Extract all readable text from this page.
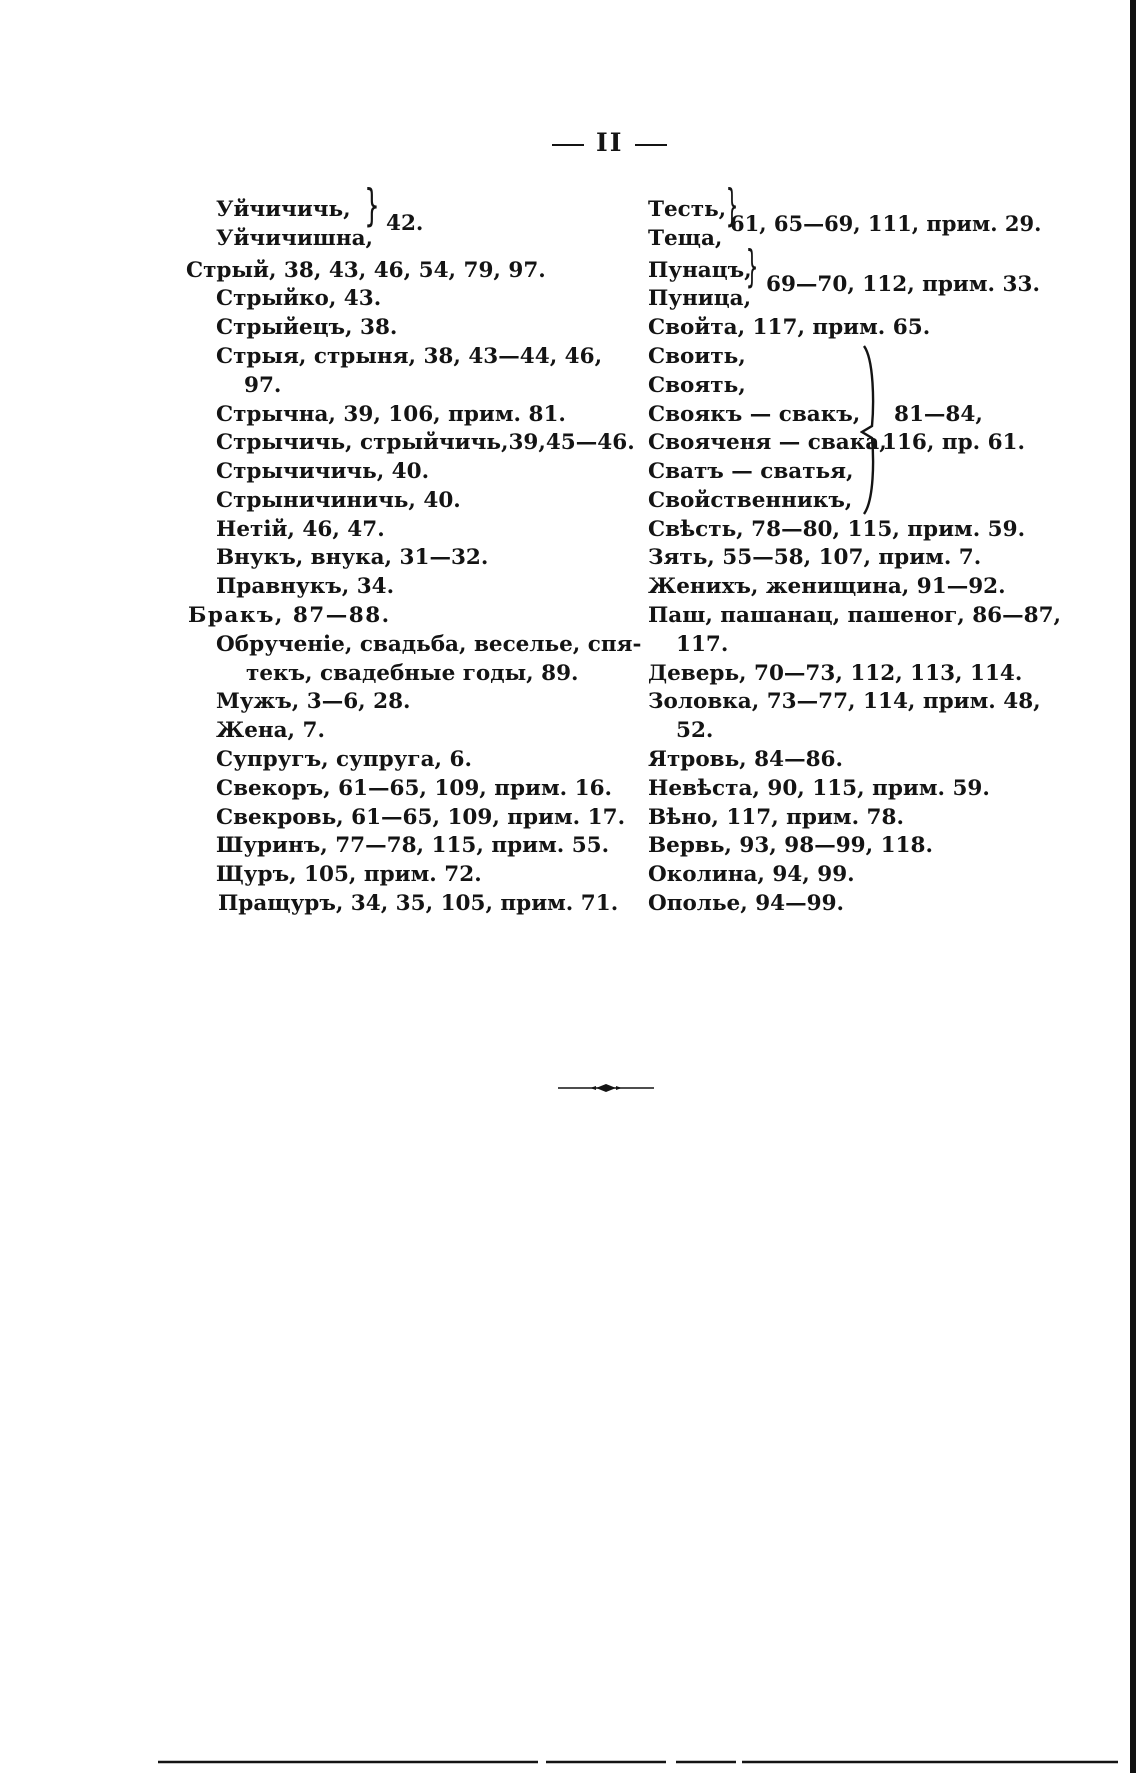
II
Уйчичичь,
Уйчичишна,
} 42.
Стрый, 38, 43, 46, 54, 79, 97.
Стрыйко, 43.
Стрыйецъ, 38.
Стрыя, стрыня, 38, 43—44, 46,
97.
Стрычна, 39, 106, прим. 81.
Стрычичь, стрыйчичь,39,45—46.
Стрычичичь, 40.
Стрыничиничь, 40.
Нетій, 46, 47.
Внукъ, внука, 31—32.
Правнукъ, 34.
Бракъ, 87—88.
Обрученіе, свадьба, веселье, спя-
текъ, свадебные годы, 89.
Мужъ, 3—6, 28.
Жена, 7.
Супругъ, супруга, 6.
Свекоръ, 61—65, 109, прим. 16.
Свекровь, 61—65, 109, прим. 17.
Шуринъ, 77—78, 115, прим. 55.
Щуръ, 105, прим. 72.
Пращуръ, 34, 35, 105, прим. 71.
Тесть,
Теща,
}
61, 65—69, 111, прим. 29.
Пунацъ,
Пуница,
} 69—70, 112, прим. 33.
Свойта, 117, прим. 65.
Своить,
Своять,
Своякъ — свакъ,
Свояченя — свака,
Сватъ — сватья,
Свойственникъ,
81—84,
116, пр. 61.
Свѣсть, 78—80, 115, прим. 59.
Зять, 55—58, 107, прим. 7.
Женихъ, женищина, 91—92.
Паш, пашанац, пашеног, 86—87,
117.
Деверь, 70—73, 112, 113, 114.
Золовка, 73—77, 114, прим. 48,
52.
Ятровь, 84—86.
Невѣста, 90, 115, прим. 59.
Вѣно, 117, прим. 78.
Вервь, 93, 98—99, 118.
Околина, 94, 99.
Ополье, 94—99.
